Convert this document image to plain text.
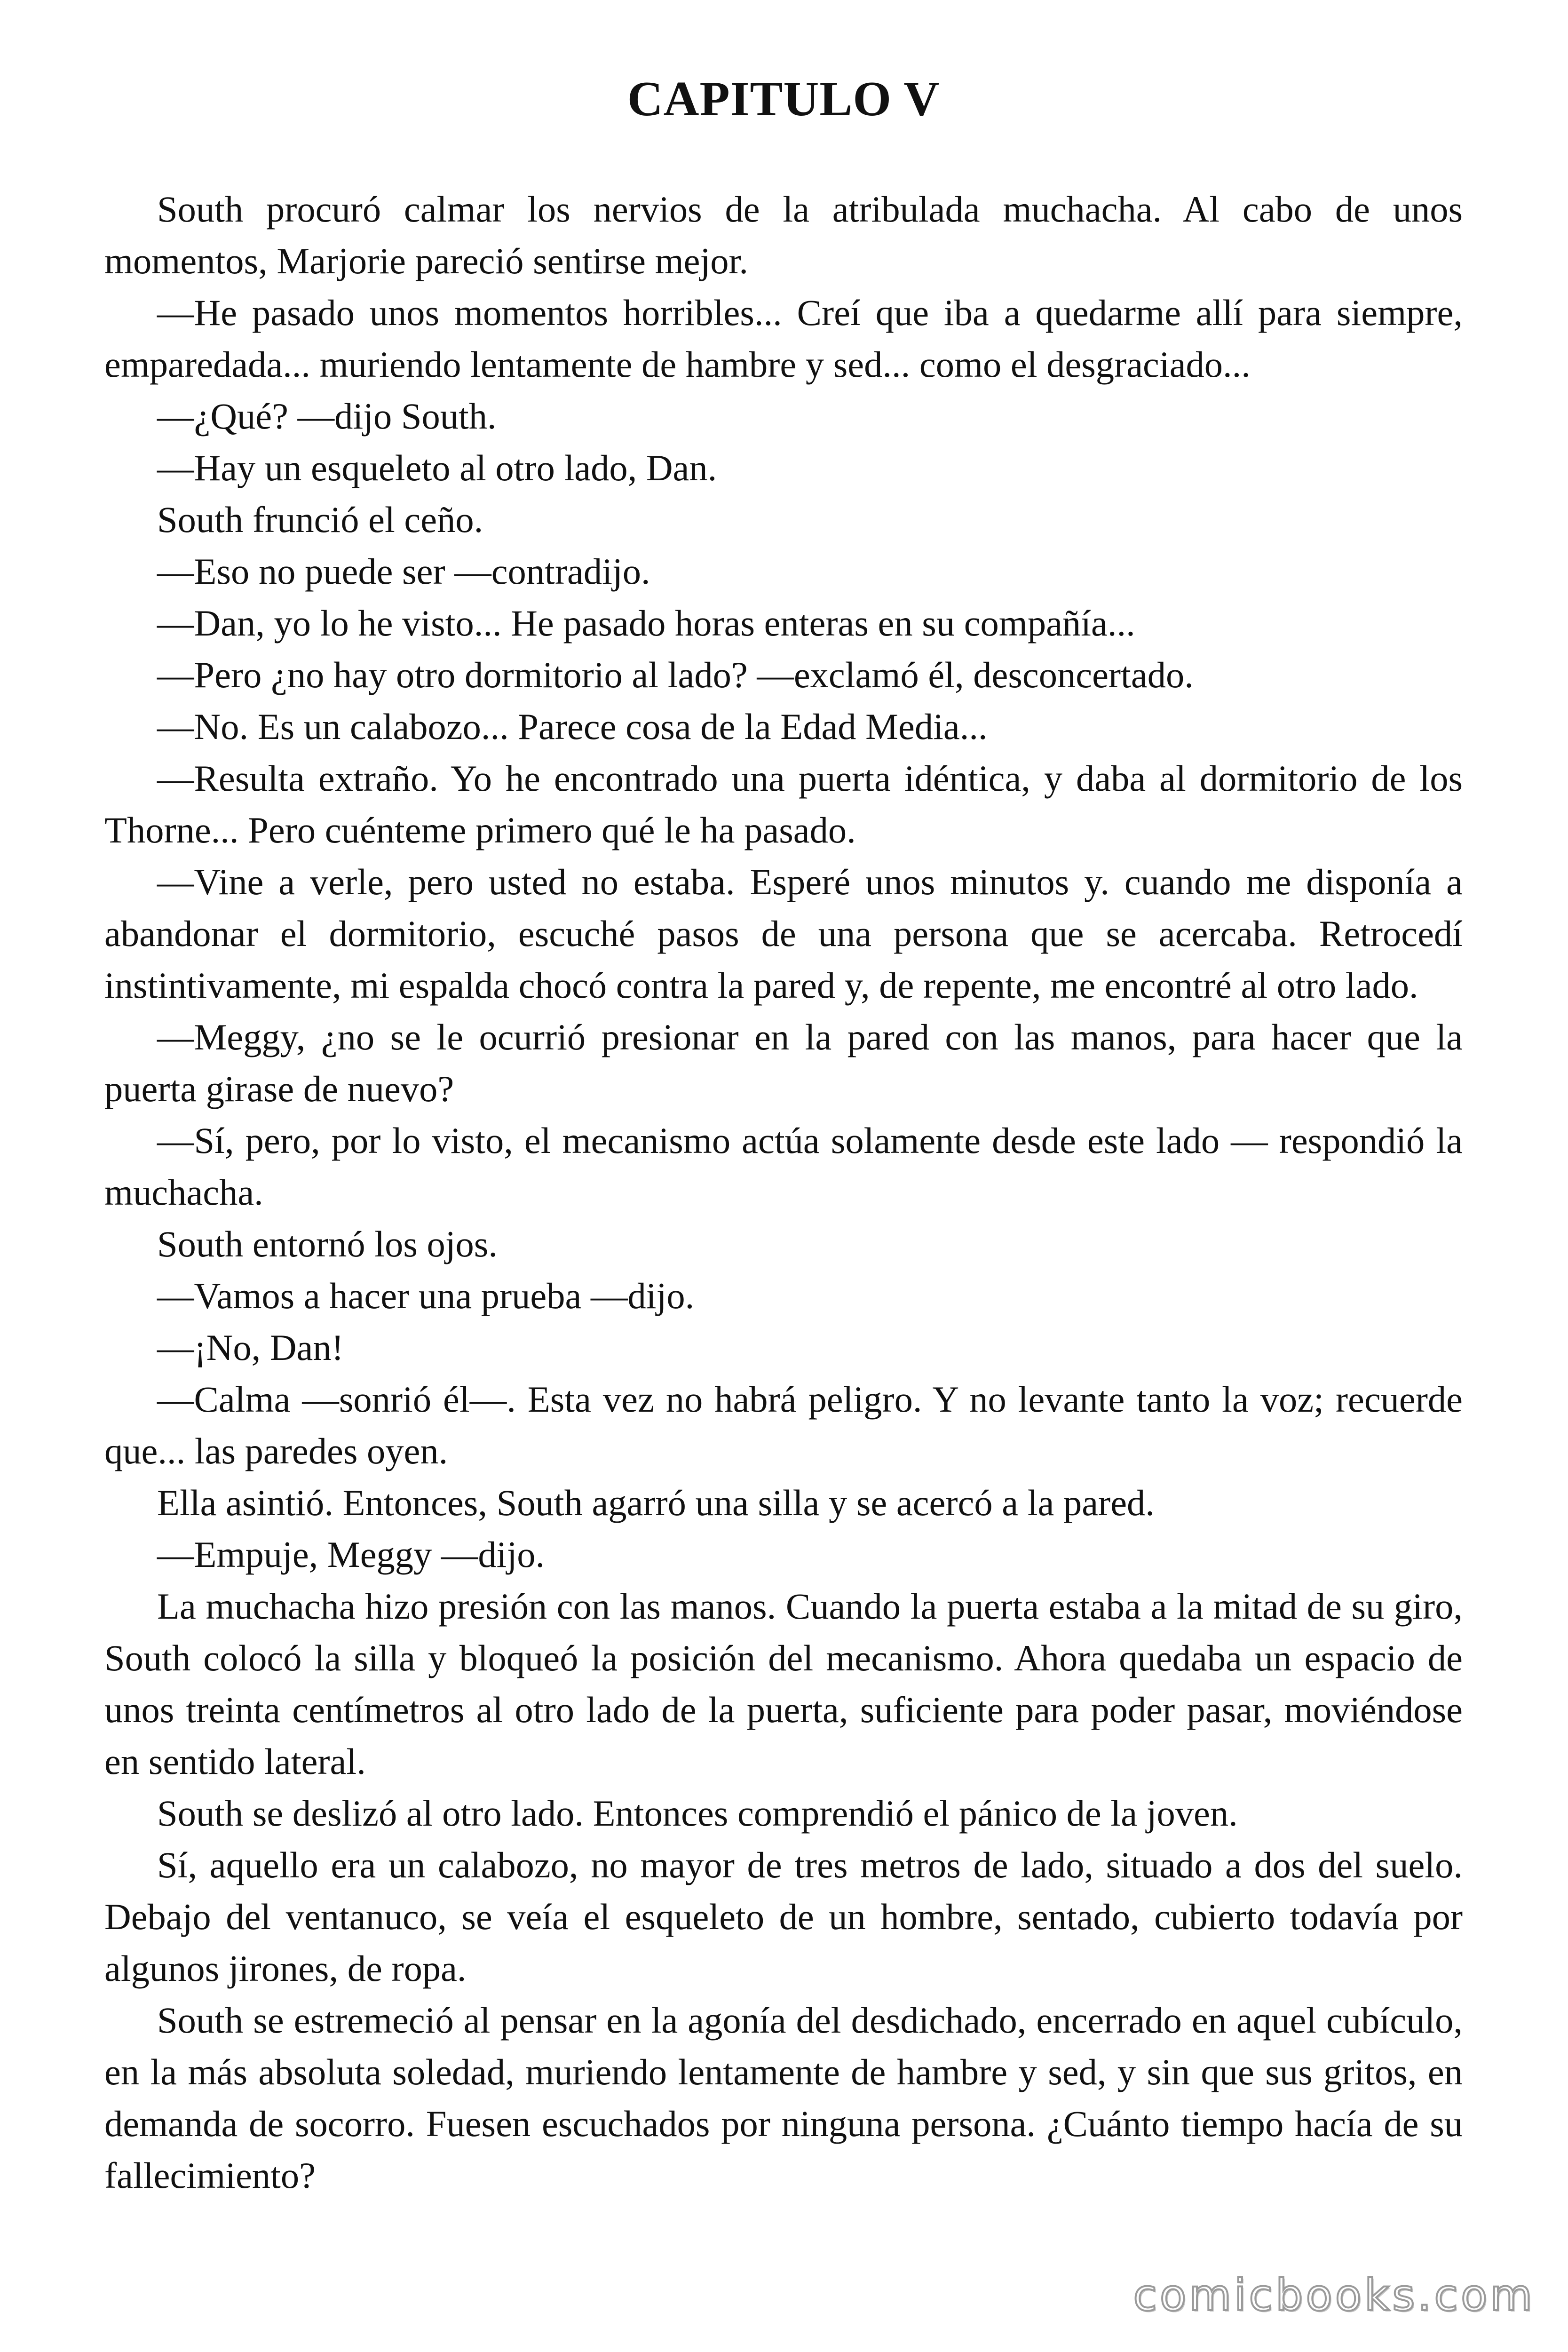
CAPITULO V

South procuró calmar los nervios de la atribulada muchacha. Al cabo de unos momentos, Marjorie pareció sentirse mejor.

—He pasado unos momentos horribles... Creí que iba a quedarme allí para siempre, emparedada... muriendo lentamente de hambre y sed... como el desgraciado...

—¿Qué? —dijo South.

—Hay un esqueleto al otro lado, Dan.

South frunció el ceño.

—Eso no puede ser —contradijo.

—Dan, yo lo he visto... He pasado horas enteras en su compañía...

—Pero ¿no hay otro dormitorio al lado? —exclamó él, desconcertado.

—No. Es un calabozo... Parece cosa de la Edad Media...

—Resulta extraño. Yo he encontrado una puerta idéntica, y daba al dormitorio de los Thorne... Pero cuénteme primero qué le ha pasado.

—Vine a verle, pero usted no estaba. Esperé unos minutos y. cuando me disponía a abandonar el dormitorio, escuché pasos de una persona que se acercaba. Retrocedí instintivamente, mi espalda chocó contra la pared y, de repente, me encontré al otro lado.

—Meggy, ¿no se le ocurrió presionar en la pared con las manos, para hacer que la puerta girase de nuevo?

—Sí, pero, por lo visto, el mecanismo actúa solamente desde este lado — respondió la muchacha.

South entornó los ojos.

—Vamos a hacer una prueba —dijo.

—¡No, Dan!

—Calma —sonrió él—. Esta vez no habrá peligro. Y no levante tanto la voz; recuerde que... las paredes oyen.

Ella asintió. Entonces, South agarró una silla y se acercó a la pared.

—Empuje, Meggy —dijo.

La muchacha hizo presión con las manos. Cuando la puerta estaba a la mitad de su giro, South colocó la silla y bloqueó la posición del mecanismo. Ahora quedaba un espacio de unos treinta centímetros al otro lado de la puerta, suficiente para poder pasar, moviéndose en sentido lateral.

South se deslizó al otro lado. Entonces comprendió el pánico de la joven.

Sí, aquello era un calabozo, no mayor de tres metros de lado, situado a dos del suelo. Debajo del ventanuco, se veía el esqueleto de un hombre, sentado, cubierto todavía por algunos jirones, de ropa.

South se estremeció al pensar en la agonía del desdichado, encerrado en aquel cubículo, en la más absoluta soledad, muriendo lentamente de hambre y sed, y sin que sus gritos, en demanda de socorro. Fuesen escuchados por ninguna persona. ¿Cuánto tiempo hacía de su fallecimiento?

comicbooks.com
